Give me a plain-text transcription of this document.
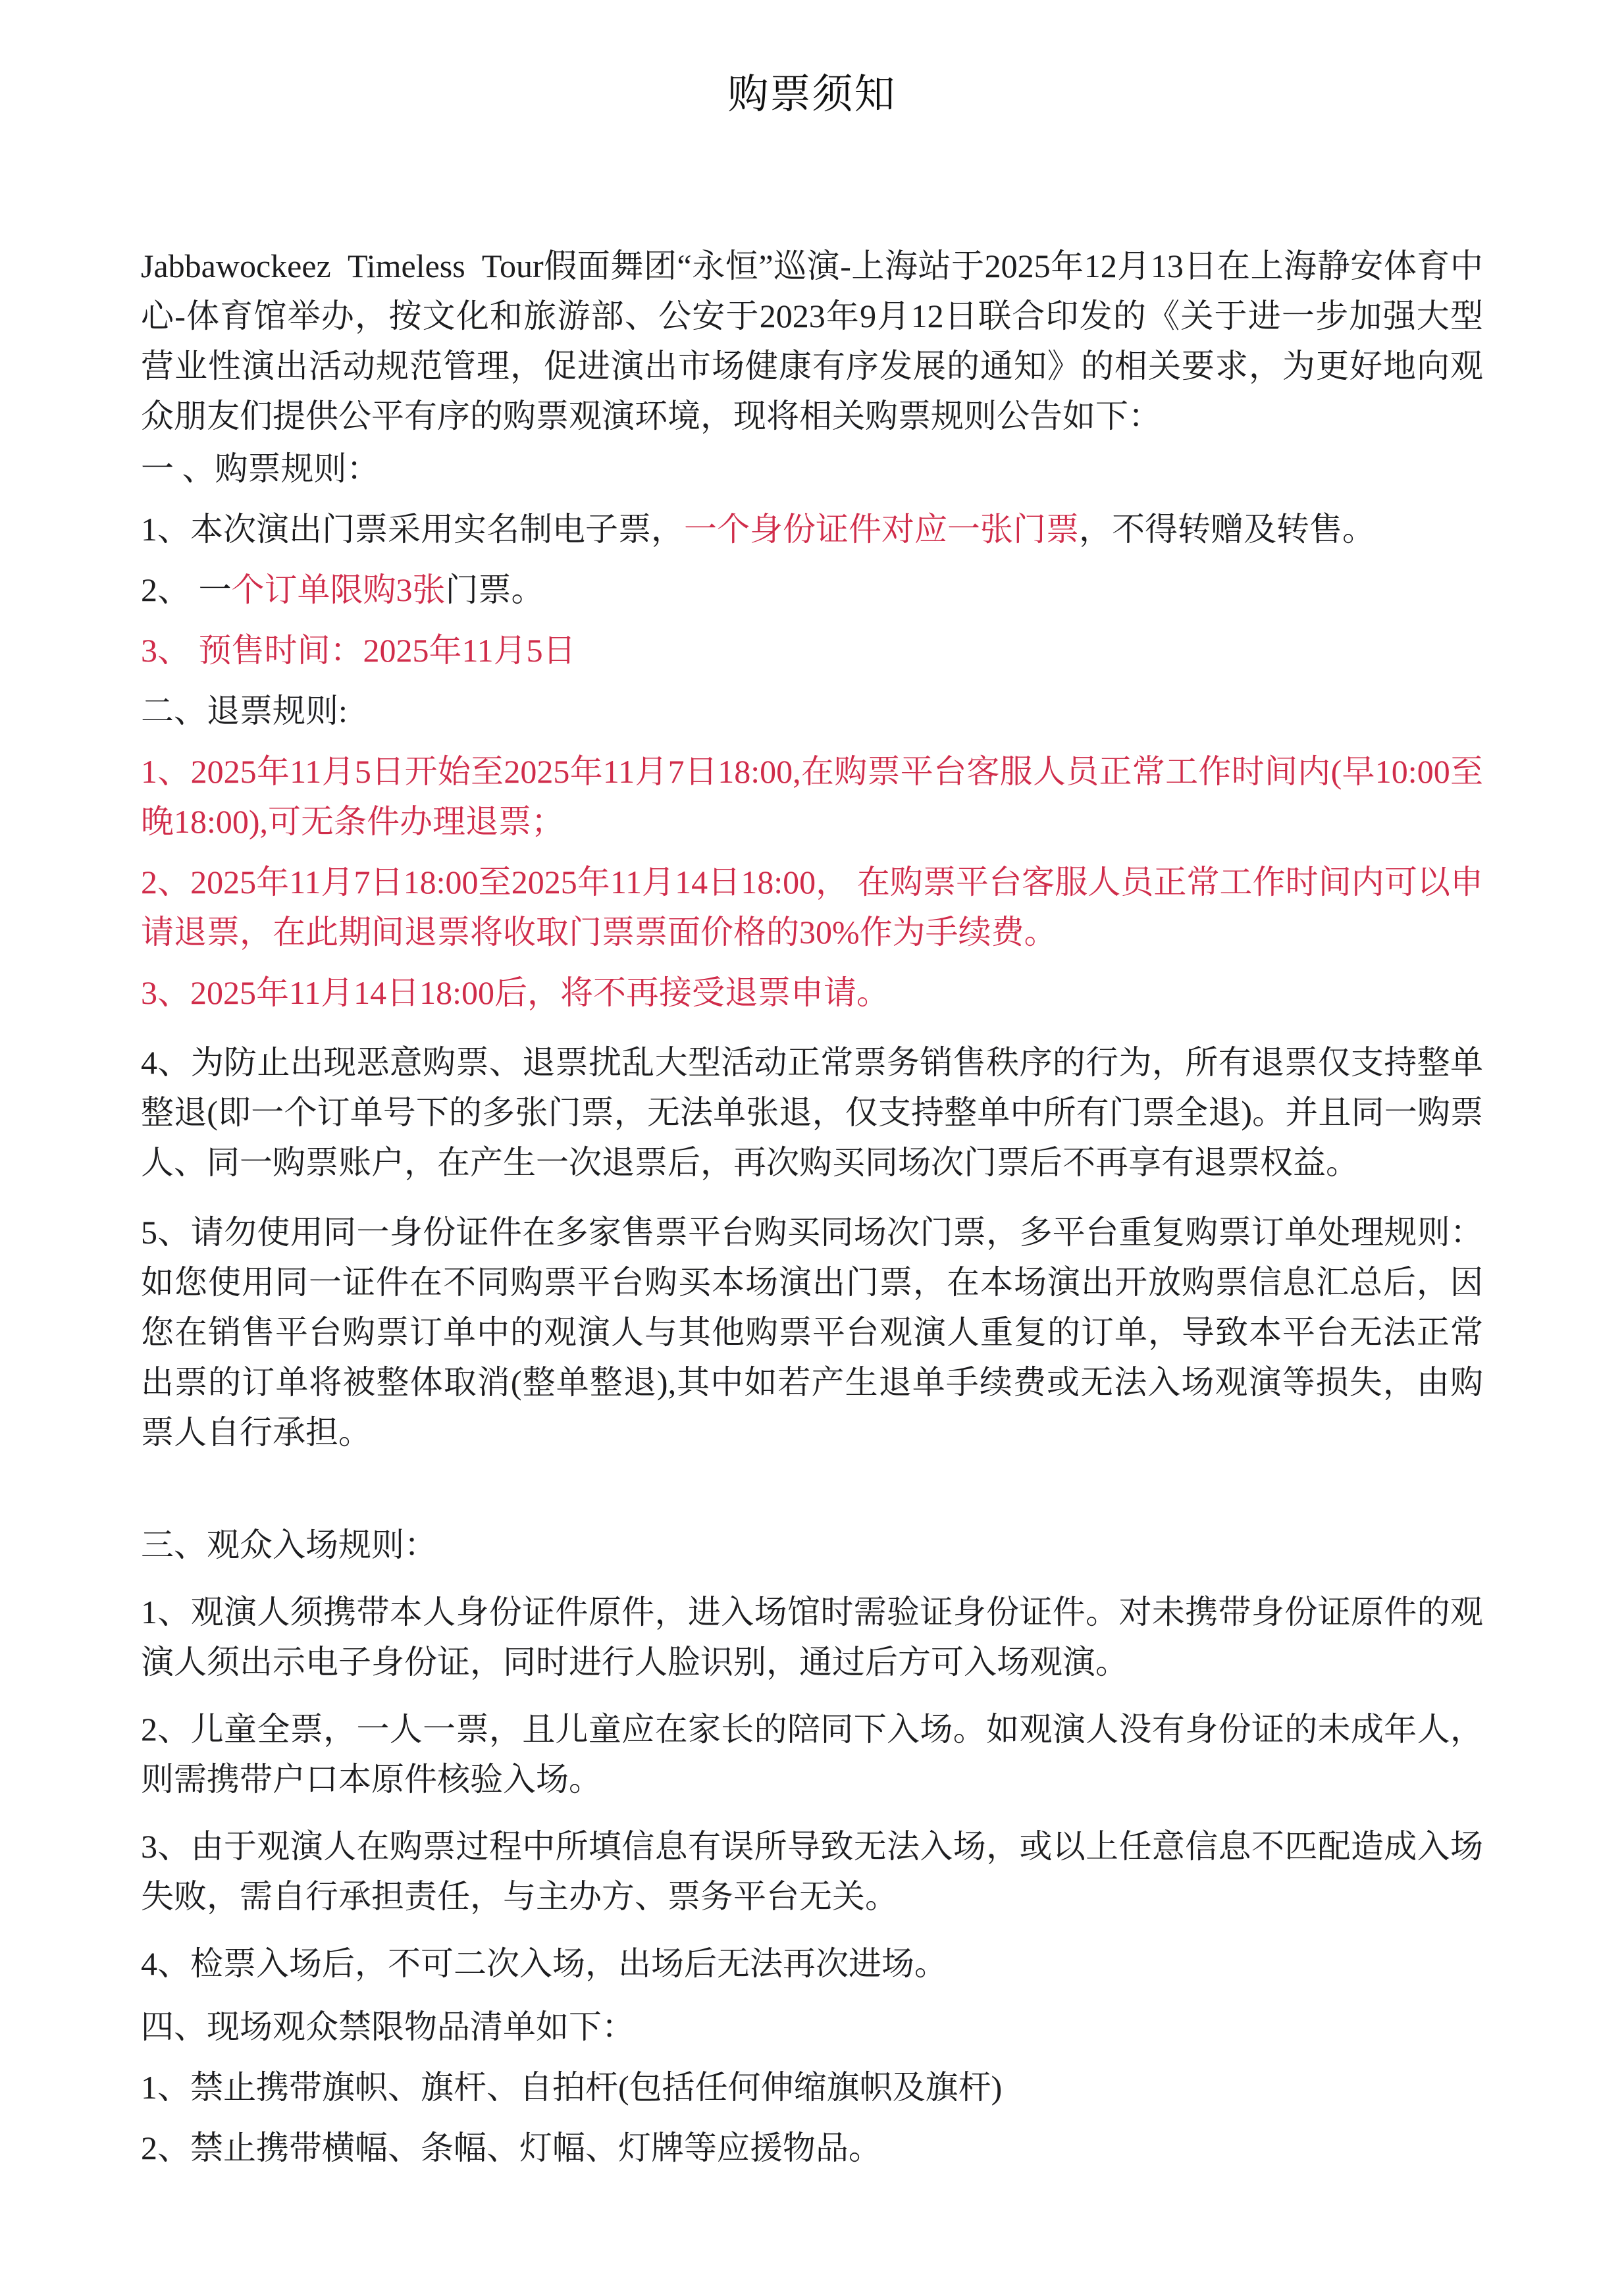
购票须知

Jabbawockeez  Timeless  Tour假面舞团“永恒”巡演-上海站于2025年12月13日在上海静安体育中 心-体育馆举办，按文化和旅游部、公安于2023年9月12日联合印发的《关于进一步加强大型营业性演出活动规范管理，促进演出市场健康有序发展的通知》的相关要求，为更好地向观众朋友们提供公平有序的购票观演环境，现将相关购票规则公告如下：

一 、购票规则：

1、本次演出门票采用实名制电子票，一个身份证件对应一张门票，不得转赠及转售。

2、 一个订单限购3张门票。

3、 预售时间：2025年11月5日

二、退票规则:

1、2025年11月5日开始至2025年11月7日18:00,在购票平台客服人员正常工作时间内(早10:00至晚18:00),可无条件办理退票；

2、2025年11月7日18:00至2025年11月14日18:00， 在购票平台客服人员正常工作时间内可以申请退票，在此期间退票将收取门票票面价格的30%作为手续费。

3、2025年11月14日18:00后，将不再接受退票申请。

4、为防止出现恶意购票、退票扰乱大型活动正常票务销售秩序的行为，所有退票仅支持整单整退(即一个订单号下的多张门票，无法单张退，仅支持整单中所有门票全退)。并且同一购票人、同一购票账户，在产生一次退票后，再次购买同场次门票后不再享有退票权益。

5、请勿使用同一身份证件在多家售票平台购买同场次门票，多平台重复购票订单处理规则：如您使用同一证件在不同购票平台购买本场演出门票，在本场演出开放购票信息汇总后，因您在销售平台购票订单中的观演人与其他购票平台观演人重复的订单，导致本平台无法正常出票的订单将被整体取消(整单整退),其中如若产生退单手续费或无法入场观演等损失，由购票人自行承担。

三、观众入场规则：

1、观演人须携带本人身份证件原件，进入场馆时需验证身份证件。对未携带身份证原件的观演人须出示电子身份证，同时进行人脸识别，通过后方可入场观演。

2、儿童全票，一人一票，且儿童应在家长的陪同下入场。如观演人没有身份证的未成年人，则需携带户口本原件核验入场。

3、由于观演人在购票过程中所填信息有误所导致无法入场，或以上任意信息不匹配造成入场失败，需自行承担责任，与主办方、票务平台无关。

4、检票入场后，不可二次入场，出场后无法再次进场。

四、现场观众禁限物品清单如下：

1、禁止携带旗帜、旗杆、自拍杆(包括任何伸缩旗帜及旗杆)

2、禁止携带横幅、条幅、灯幅、灯牌等应援物品。
